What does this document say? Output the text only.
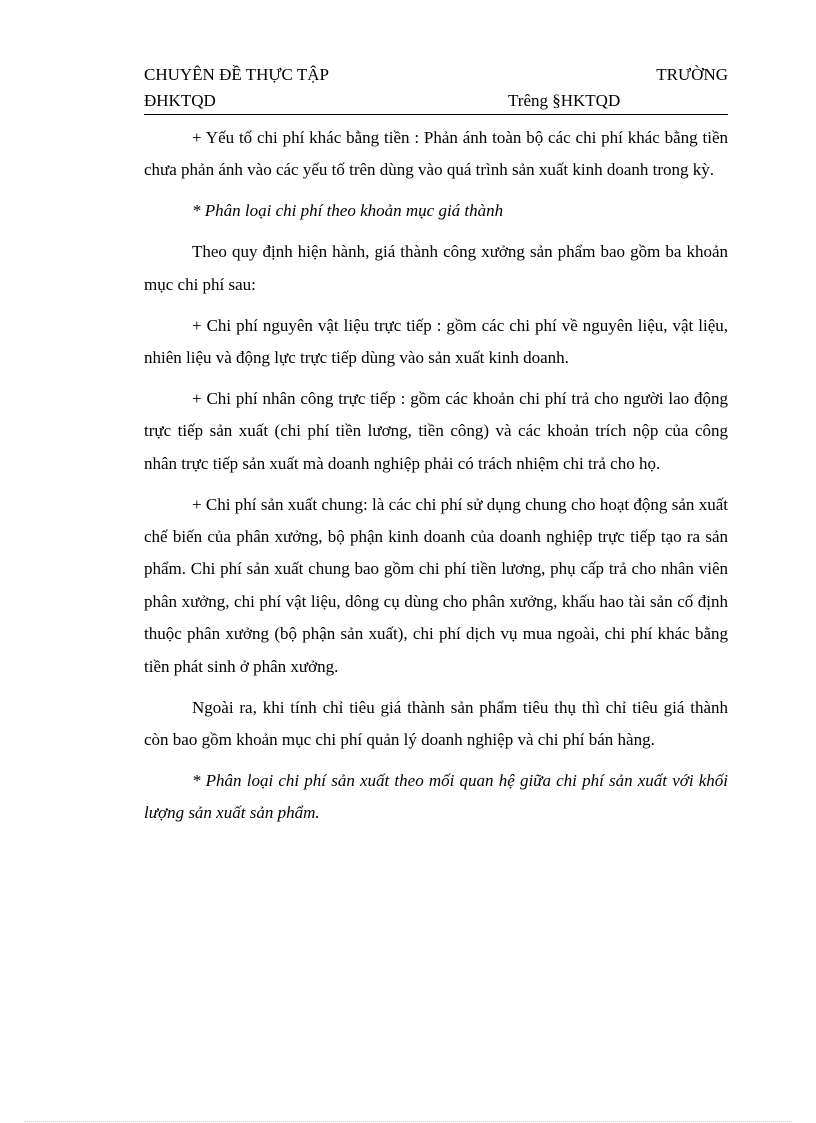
CHUYÊN ĐỀ THỰC TẬP	TRƯỜNG
ĐHKTQD	Trêng §HKTQD

+ Yếu tố chi phí khác bằng tiền : Phản ánh toàn bộ các chi phí khác bằng tiền chưa phản ánh vào các yếu tố trên dùng vào quá trình sản xuất kinh doanh trong kỳ.

* Phân loại chi phí theo khoản mục giá thành

Theo quy định hiện hành, giá thành công xưởng sản phẩm bao gồm ba khoản mục chi phí sau:

+ Chi phí nguyên vật liệu trực tiếp : gồm các chi phí về nguyên liệu, vật liệu, nhiên liệu và động lực trực tiếp dùng vào sản xuất kinh doanh.

+ Chi phí nhân công trực tiếp : gồm các khoản chi phí trả cho người lao động trực tiếp sản xuất (chi phí tiền lương, tiền công) và các khoản trích nộp của công nhân trực tiếp sản xuất mà doanh nghiệp phải có trách nhiệm chi trả cho họ.

+ Chi phí sản xuất chung: là các chi phí sử dụng chung cho hoạt động sản xuất chế biến của phân xưởng, bộ phận kinh doanh của doanh nghiệp trực tiếp tạo ra sản phẩm. Chi phí sản xuất chung bao gồm chi phí tiền lương, phụ cấp trả cho nhân viên phân xưởng, chi phí vật liệu, dông cụ dùng cho phân xưởng, khấu hao tài sản cố định thuộc phân xưởng (bộ phận sản xuất), chi phí dịch vụ mua ngoài, chi phí khác bằng tiền phát sinh ở phân xưởng.

Ngoài ra, khi tính chỉ tiêu giá thành sản phẩm tiêu thụ thì chỉ tiêu giá thành còn bao gồm khoản mục chi phí quản lý doanh nghiệp và chi phí bán hàng.

* Phân loại chi phí sản xuất theo mối quan hệ giữa chi phí sản xuất với khối lượng sản xuất sản phẩm.
